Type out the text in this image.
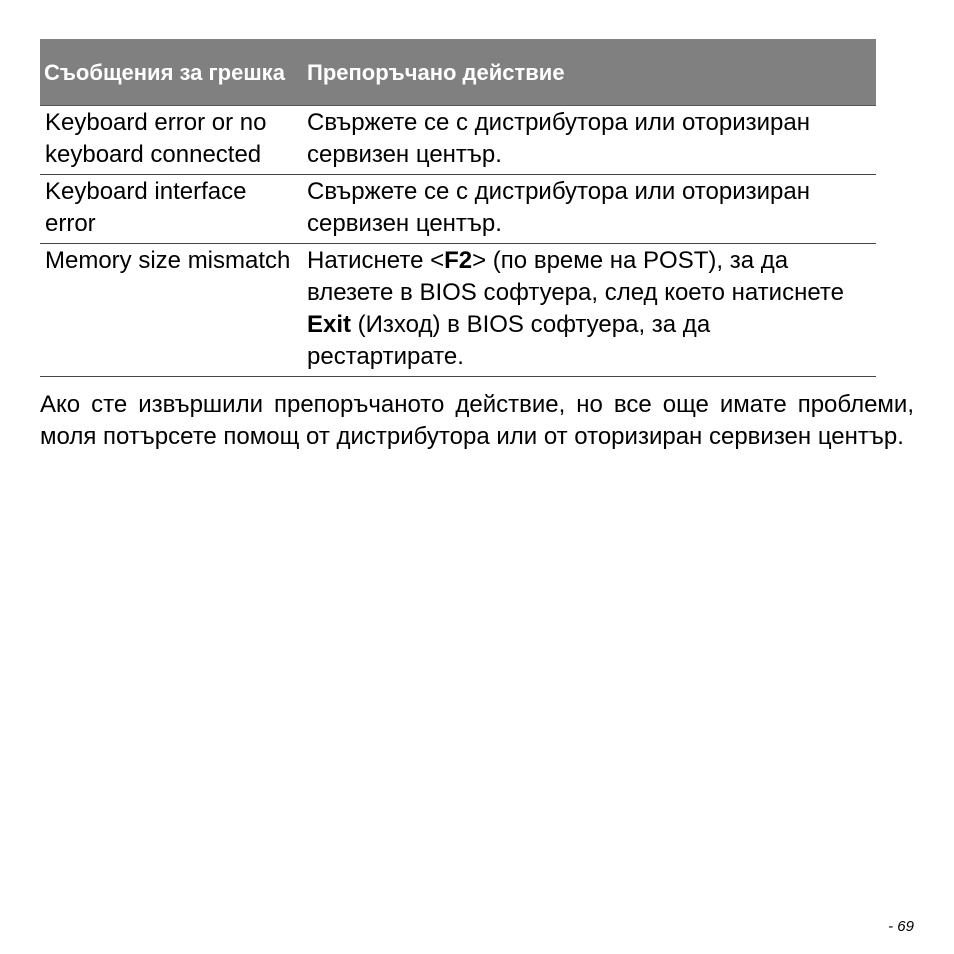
Съобщения за грешка	Препоръчано действие
Keyboard error or no keyboard connected	Свържете се с дистрибутора или оторизиран сервизен център.
Keyboard interface error	Свържете се с дистрибутора или оторизиран сервизен център.
Memory size mismatch	Натиснете <F2> (по време на POST), за да влезете в BIOS софтуера, след което натиснете Exit (Изход) в BIOS софтуера, за да рестартирате.

Ако сте извършили препоръчаното действие, но все още имате проблеми, моля потърсете помощ от дистрибутора или от оторизиран сервизен център.

- 69
